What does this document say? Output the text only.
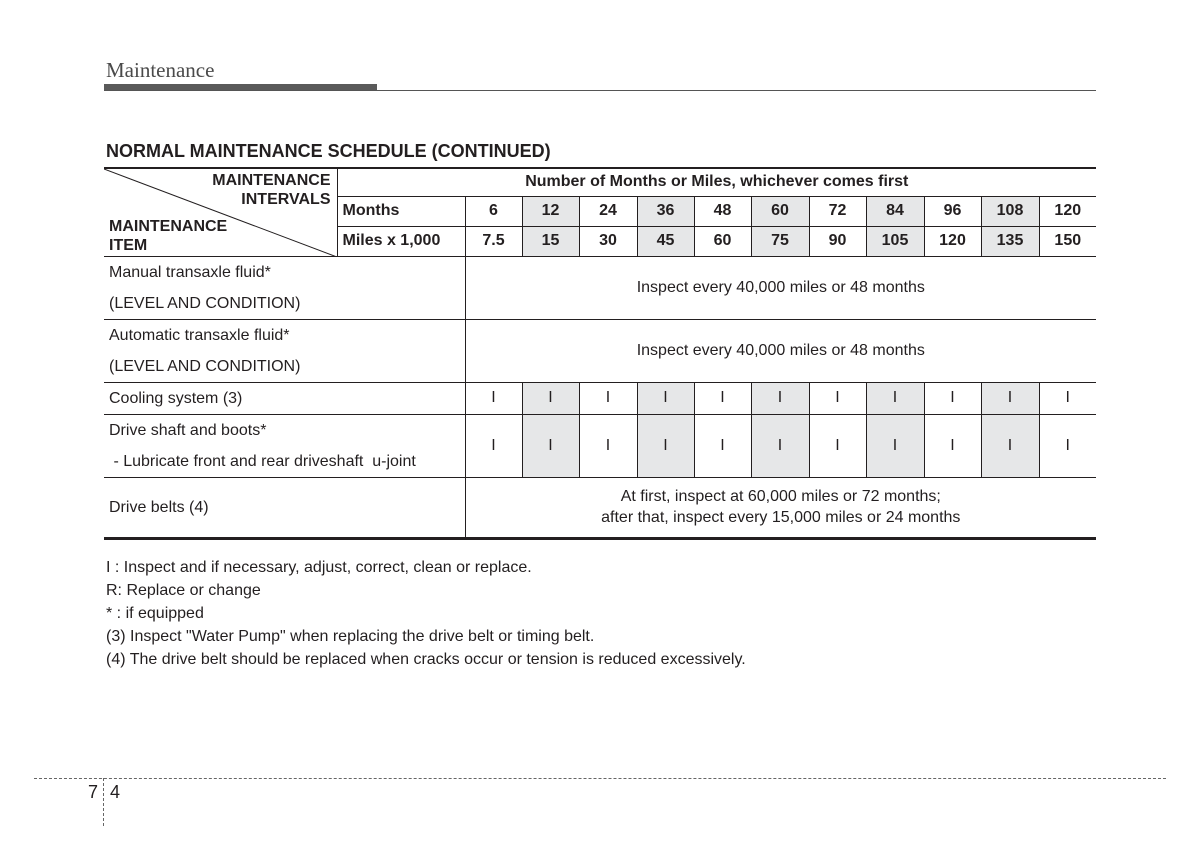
Maintenance
NORMAL MAINTENANCE SCHEDULE (CONTINUED)
MAINTENANCE
INTERVALS
MAINTENANCE
ITEM	Number of Months or Miles, whichever comes first											
	Months	6	12	24	36	48	60	72	84	96	108	120
	Miles x 1,000	7.5	15	30	45	60	75	90	105	120	135	150

Manual transaxle fluid*
(LEVEL AND CONDITION)		Inspect every 40,000 miles or 48 months										

Automatic transaxle fluid*
(LEVEL AND CONDITION)		Inspect every 40,000 miles or 48 months										

Cooling system (3)		I	I	I	I	I	I	I	I	I	I	I

Drive shaft and boots*
- Lubricate front and rear driveshaft  u-joint		I	I	I	I	I	I	I	I	I	I	I

Drive belts (4)		At first, inspect at 60,000 miles or 72 months;
after that, inspect every 15,000 miles or 24 months										
I : Inspect and if necessary, adjust, correct, clean or replace.
R: Replace or change
* : if equipped
(3) Inspect "Water Pump" when replacing the drive belt or timing belt.
(4) The drive belt should be replaced when cracks occur or tension is reduced excessively.
7 4
